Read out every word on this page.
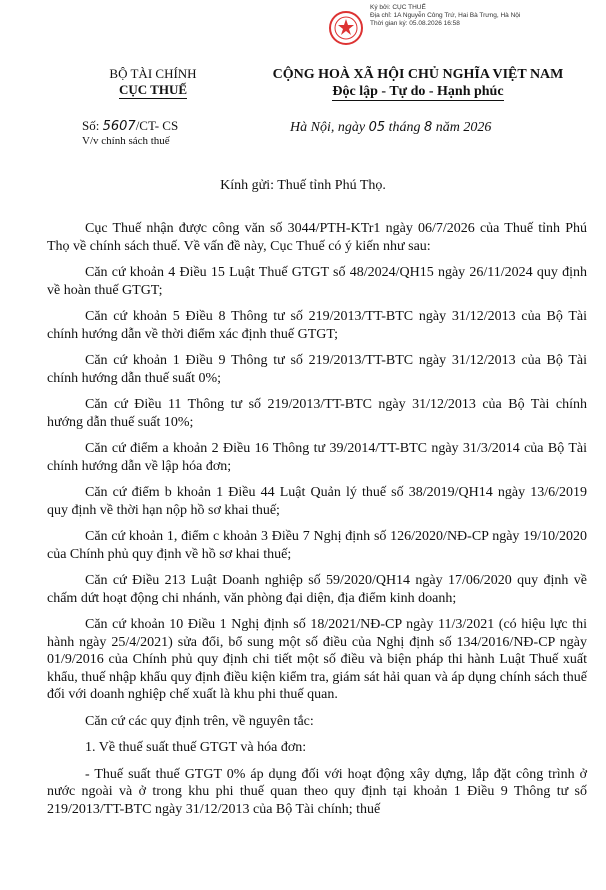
Ký bởi: CỤC THUẾ
Địa chỉ: 1A Nguyễn Công Trứ, Hai Bà Trưng, Hà Nội
Thời gian ký: 05.08.2026 16:58
BỘ TÀI CHÍNH
CỤC THUẾ
CỘNG HOÀ XÃ HỘI CHỦ NGHĨA VIỆT NAM
Độc lập - Tự do - Hạnh phúc
Số: 5607/CT- CS
V/v chính sách thuế
Hà Nội, ngày 05 tháng 8 năm 2026
Kính gửi: Thuế tỉnh Phú Thọ.

Cục Thuế nhận được công văn số 3044/PTH-KTr1 ngày 06/7/2026 của Thuế tỉnh Phú Thọ về chính sách thuế. Về vấn đề này, Cục Thuế có ý kiến như sau:

Căn cứ khoản 4 Điều 15 Luật Thuế GTGT số 48/2024/QH15 ngày 26/11/2024 quy định về hoàn thuế GTGT;

Căn cứ khoản 5 Điều 8 Thông tư số 219/2013/TT-BTC ngày 31/12/2013 của Bộ Tài chính hướng dẫn về thời điểm xác định thuế GTGT;

Căn cứ khoản 1 Điều 9 Thông tư số 219/2013/TT-BTC ngày 31/12/2013 của Bộ Tài chính hướng dẫn thuế suất 0%;

Căn cứ Điều 11 Thông tư số 219/2013/TT-BTC ngày 31/12/2013 của Bộ Tài chính hướng dẫn thuế suất 10%;

Căn cứ điểm a khoản 2 Điều 16 Thông tư 39/2014/TT-BTC ngày 31/3/2014 của Bộ Tài chính hướng dẫn về lập hóa đơn;

Căn cứ điểm b khoản 1 Điều 44 Luật Quản lý thuế số 38/2019/QH14 ngày 13/6/2019 quy định về thời hạn nộp hồ sơ khai thuế;

Căn cứ khoản 1, điểm c khoản 3 Điều 7 Nghị định số 126/2020/NĐ-CP ngày 19/10/2020 của Chính phủ quy định về hồ sơ khai thuế;

Căn cứ Điều 213 Luật Doanh nghiệp số 59/2020/QH14 ngày 17/06/2020 quy định về chấm dứt hoạt động chi nhánh, văn phòng đại diện, địa điểm kinh doanh;

Căn cứ khoản 10 Điều 1 Nghị định số 18/2021/NĐ-CP ngày 11/3/2021 (có hiệu lực thi hành ngày 25/4/2021) sửa đổi, bổ sung một số điều của Nghị định số 134/2016/NĐ-CP ngày 01/9/2016 của Chính phủ quy định chi tiết một số điều và biện pháp thi hành Luật Thuế xuất khẩu, thuế nhập khẩu quy định điều kiện kiểm tra, giám sát hải quan và áp dụng chính sách thuế đối với doanh nghiệp chế xuất là khu phi thuế quan.

Căn cứ các quy định trên, về nguyên tắc:

1. Về thuế suất thuế GTGT và hóa đơn:

- Thuế suất thuế GTGT 0% áp dụng đối với hoạt động xây dựng, lắp đặt công trình ở nước ngoài và ở trong khu phi thuế quan theo quy định tại khoản 1 Điều 9 Thông tư số 219/2013/TT-BTC ngày 31/12/2013 của Bộ Tài chính; thuế
